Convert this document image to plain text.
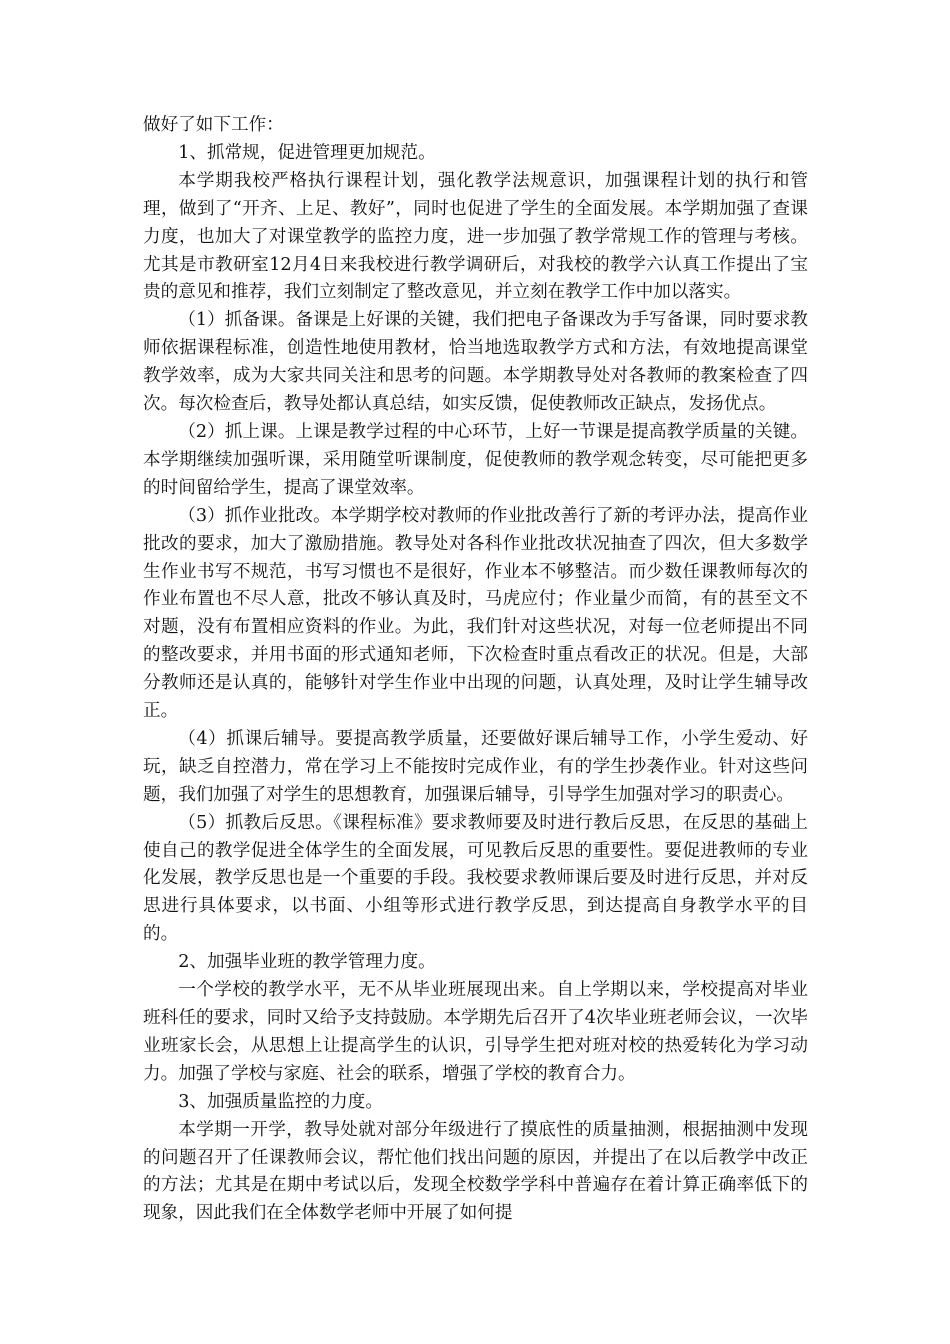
做好了如下工作：

1、抓常规，促进管理更加规范。

本学期我校严格执行课程计划，强化教学法规意识，加强课程计划的执行和管理，做到了“开齐、上足、教好”，同时也促进了学生的全面发展。本学期加强了查课力度，也加大了对课堂教学的监控力度，进一步加强了教学常规工作的管理与考核。尤其是市教研室12月4日来我校进行教学调研后，对我校的教学六认真工作提出了宝贵的意见和推荐，我们立刻制定了整改意见，并立刻在教学工作中加以落实。

（1）抓备课。备课是上好课的关键，我们把电子备课改为手写备课，同时要求教师依据课程标准，创造性地使用教材，恰当地选取教学方式和方法，有效地提高课堂教学效率，成为大家共同关注和思考的问题。本学期教导处对各教师的教案检查了四次。每次检查后，教导处都认真总结，如实反馈，促使教师改正缺点，发扬优点。

（2）抓上课。上课是教学过程的中心环节，上好一节课是提高教学质量的关键。本学期继续加强听课，采用随堂听课制度，促使教师的教学观念转变，尽可能把更多的时间留给学生，提高了课堂效率。

（3）抓作业批改。本学期学校对教师的作业批改善行了新的考评办法，提高作业批改的要求，加大了激励措施。教导处对各科作业批改状况抽查了四次，但大多数学生作业书写不规范，书写习惯也不是很好，作业本不够整洁。而少数任课教师每次的作业布置也不尽人意，批改不够认真及时，马虎应付；作业量少而简，有的甚至文不对题，没有布置相应资料的作业。为此，我们针对这些状况，对每一位老师提出不同的整改要求，并用书面的形式通知老师，下次检查时重点看改正的状况。但是，大部分教师还是认真的，能够针对学生作业中出现的问题，认真处理，及时让学生辅导改正。

（4）抓课后辅导。要提高教学质量，还要做好课后辅导工作，小学生爱动、好玩，缺乏自控潜力，常在学习上不能按时完成作业，有的学生抄袭作业。针对这些问题，我们加强了对学生的思想教育，加强课后辅导，引导学生加强对学习的职责心。

（5）抓教后反思。《课程标准》要求教师要及时进行教后反思，在反思的基础上使自己的教学促进全体学生的全面发展，可见教后反思的重要性。要促进教师的专业化发展，教学反思也是一个重要的手段。我校要求教师课后要及时进行反思，并对反思进行具体要求，以书面、小组等形式进行教学反思，到达提高自身教学水平的目的。

2、加强毕业班的教学管理力度。

一个学校的教学水平，无不从毕业班展现出来。自上学期以来，学校提高对毕业班科任的要求，同时又给予支持鼓励。本学期先后召开了4次毕业班老师会议，一次毕业班家长会，从思想上让提高学生的认识，引导学生把对班对校的热爱转化为学习动力。加强了学校与家庭、社会的联系，增强了学校的教育合力。

3、加强质量监控的力度。

本学期一开学，教导处就对部分年级进行了摸底性的质量抽测，根据抽测中发现的问题召开了任课教师会议，帮忙他们找出问题的原因，并提出了在以后教学中改正的方法；尤其是在期中考试以后，发现全校数学学科中普遍存在着计算正确率低下的现象，因此我们在全体数学老师中开展了如何提
